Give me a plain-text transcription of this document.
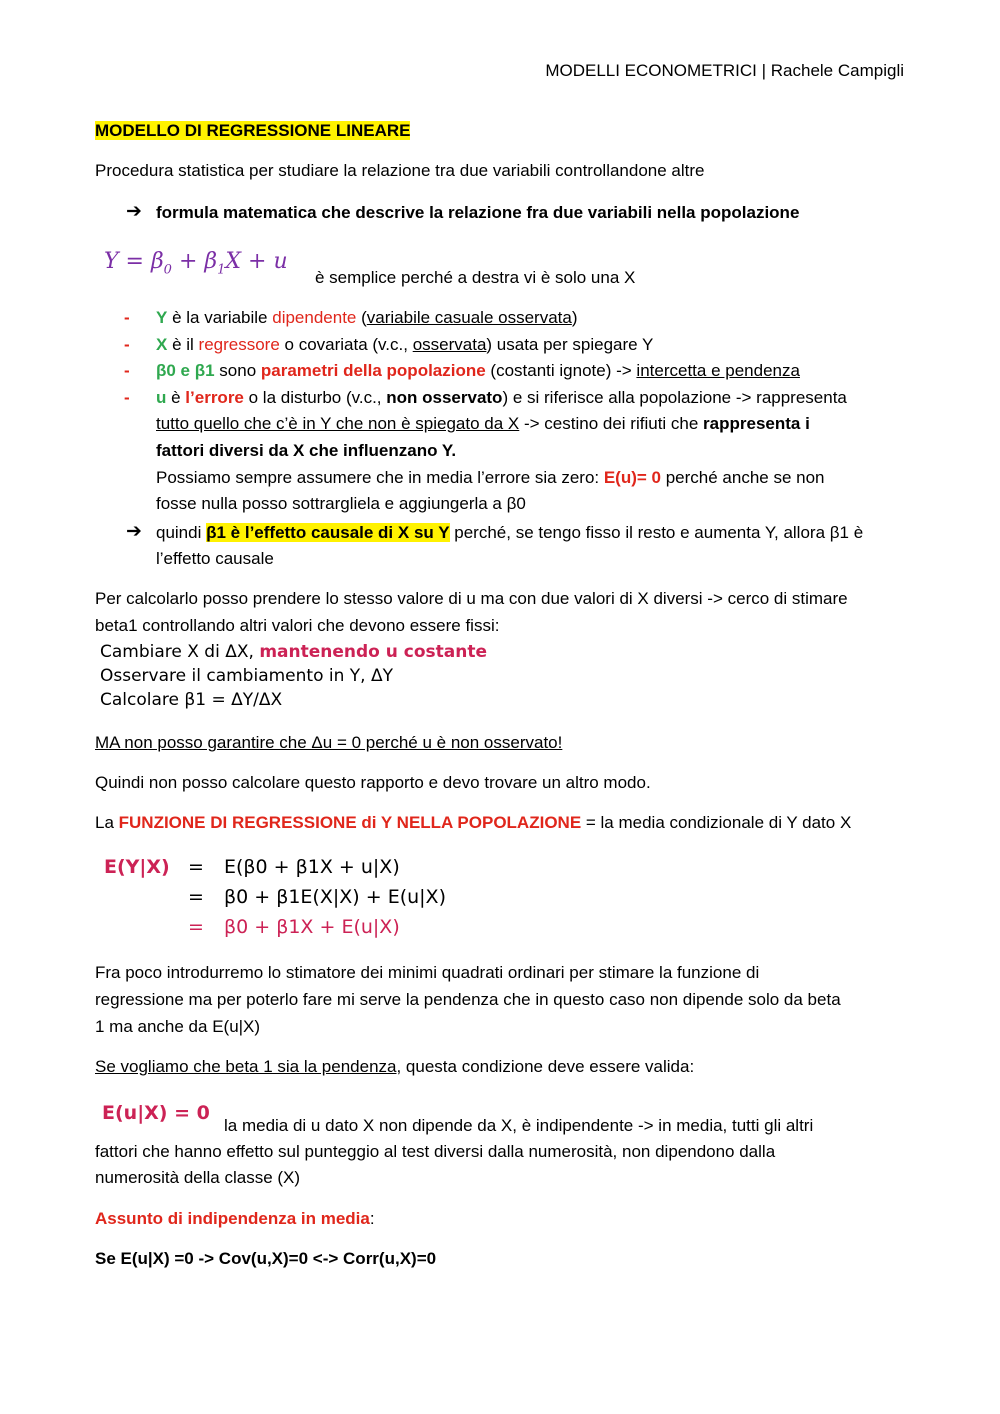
MODELLI ECONOMETRICI | Rachele Campigli
MODELLO DI REGRESSIONE LINEARE
Procedura statistica per studiare la relazione tra due variabili controllandone altre
➔ formula matematica che descrive la relazione fra due variabili nella popolazione
$Y = \beta_0 + \beta_1X + u$
è semplice perché a destra vi è solo una X
- Y è la variabile dipendente (variabile casuale osservata)
- X è il regressore o covariata (v.c., osservata) usata per spiegare Y
- β0 e β1 sono parametri della popolazione (costanti ignote) -> intercetta e pendenza
- u è l’errore o la disturbo (v.c., non osservato) e si riferisce alla popolazione -> rappresenta
tutto quello che c’è in Y che non è spiegato da X -> cestino dei rifiuti che rappresenta i
fattori diversi da X che influenzano Y.
Possiamo sempre assumere che in media l’errore sia zero: E(u)= 0 perché anche se non
fosse nulla posso sottrargliela e aggiungerla a β0
➔ quindi β1 è l’effetto causale di X su Y perché, se tengo fisso il resto e aumenta Y, allora β1 è
l’effetto causale
Per calcolarlo posso prendere lo stesso valore di u ma con due valori di X diversi -> cerco di stimare
beta1 controllando altri valori che devono essere fissi:
Cambiare X di ΔX, mantenendo u costante
Osservare il cambiamento in Y, ΔY
Calcolare β1 = ΔY/ΔX
MA non posso garantire che Δu = 0 perché u è non osservato!
Quindi non posso calcolare questo rapporto e devo trovare un altro modo.
La FUNZIONE DI REGRESSIONE di Y NELLA POPOLAZIONE = la media condizionale di Y dato X
E(Y|X) = E(β0 + β1X + u|X)
= β0 + β1E(X|X) + E(u|X)
= β0 + β1X + E(u|X)
Fra poco introdurremo lo stimatore dei minimi quadrati ordinari per stimare la funzione di
regressione ma per poterlo fare mi serve la pendenza che in questo caso non dipende solo da beta
1 ma anche da E(u|X)
Se vogliamo che beta 1 sia la pendenza, questa condizione deve essere valida:
E(u|X) = 0
la media di u dato X non dipende da X, è indipendente -> in media, tutti gli altri
fattori che hanno effetto sul punteggio al test diversi dalla numerosità, non dipendono dalla
numerosità della classe (X)
Assunto di indipendenza in media:
Se E(u|X) =0 -> Cov(u,X)=0 <-> Corr(u,X)=0
